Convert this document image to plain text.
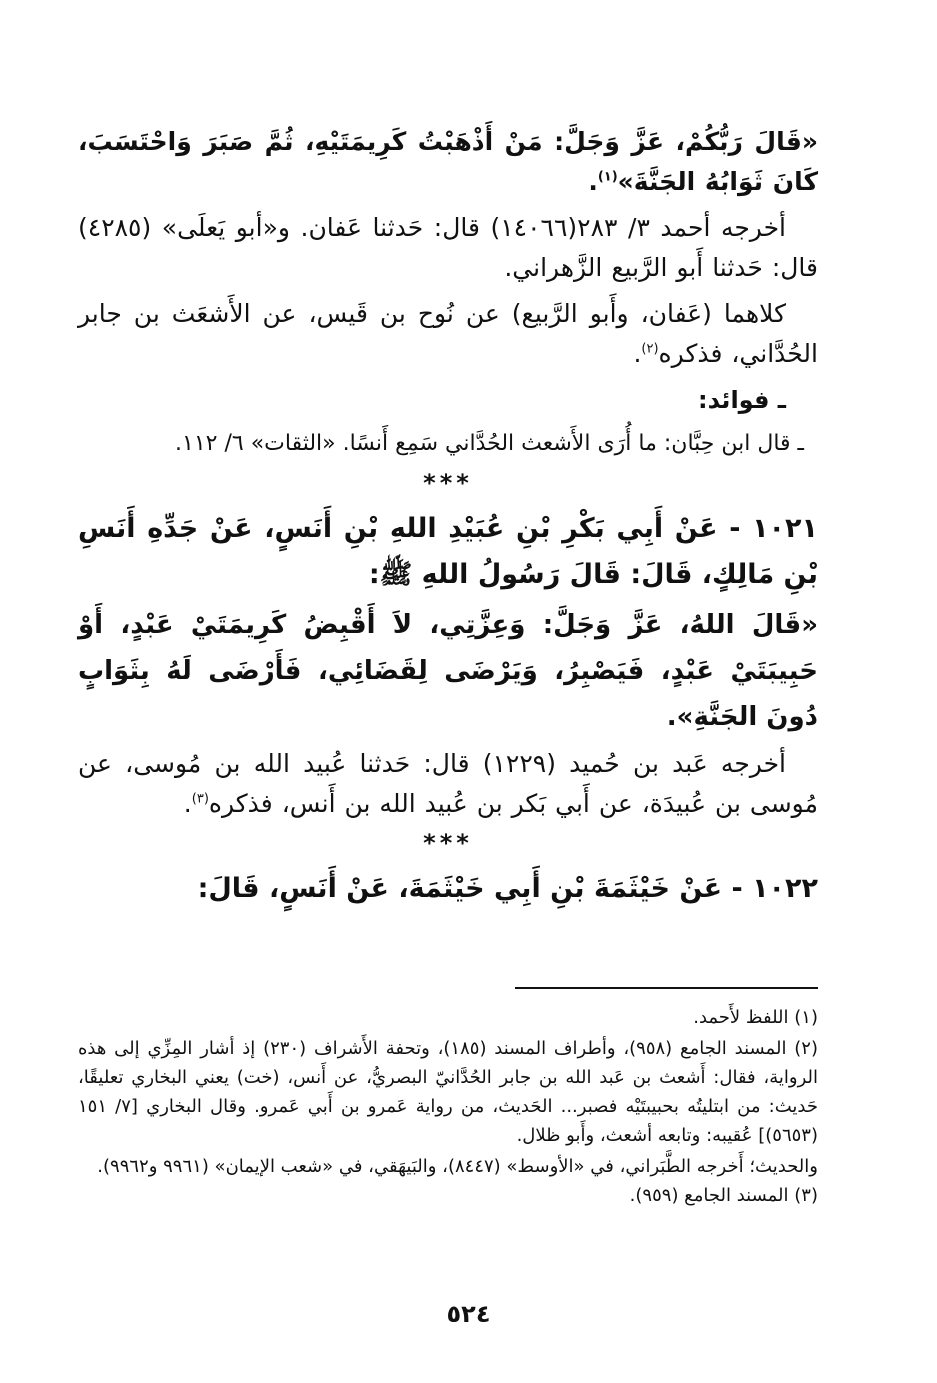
«قَالَ رَبُّكُمْ، عَزَّ وَجَلَّ: مَنْ أَذْهَبْتُ كَرِيمَتَيْهِ، ثُمَّ صَبَرَ وَاحْتَسَبَ، كَانَ ثَوَابُهُ الجَنَّةَ»$^{(١)}$.

أخرجه أحمد ٣/ ٢٨٣(١٤٠٦٦) قال: حَدثنا عَفان. و«أبو يَعلَى» (٤٢٨٥) قال: حَدثنا أَبو الرَّبيع الزَّهراني.

كلاهما (عَفان، وأَبو الرَّبيع) عن نُوح بن قَيس، عن الأَشعَث بن جابر الحُدَّاني، فذكره$^{(٢)}$.

ـ فوائد:

ـ قال ابن حِبَّان: ما أُرَى الأَشعث الحُدَّاني سَمِع أَنسًا. «الثقات» ٦/ ١١٢.

***

١٠٢١ - عَنْ أَبِي بَكْرِ بْنِ عُبَيْدِ اللهِ بْنِ أَنَسٍ، عَنْ جَدِّهِ أَنَسِ بْنِ مَالِكٍ، قَالَ: قَالَ رَسُولُ اللهِ ﷺ:

«قَالَ اللهُ، عَزَّ وَجَلَّ: وَعِزَّتِي، لاَ أَقْبِضُ كَرِيمَتَيْ عَبْدٍ، أَوْ حَبِيبَتَيْ عَبْدٍ، فَيَصْبِرُ، وَيَرْضَى لِقَضَائِي، فَأَرْضَى لَهُ بِثَوَابٍ دُونَ الجَنَّةِ».

أخرجه عَبد بن حُميد (١٢٢٩) قال: حَدثنا عُبيد الله بن مُوسى، عن مُوسى بن عُبيدَة، عن أَبي بَكر بن عُبيد الله بن أَنس، فذكره$^{(٣)}$.

***

١٠٢٢ - عَنْ خَيْثَمَةَ بْنِ أَبِي خَيْثَمَةَ، عَنْ أَنَسٍ، قَالَ:

(١) اللفظ لأَحمد.

(٢) المسند الجامع (٩٥٨)، وأطراف المسند (١٨٥)، وتحفة الأَشراف (٢٣٠) إذ أشار المِزِّي إلى هذه الرواية، فقال: أَشعث بن عَبد الله بن جابر الحُدَّانيّ البصريُّ، عن أَنس، (خت) يعني البخاري تعليقًا، حَديث: من ابتليتُه بحبيبتَيْه فصبر... الحَديث، من رواية عَمرو بن أَبي عَمرو. وقال البخاري [٧/ ١٥١ (٥٦٥٣)] عُقيبه: وتابعه أشعث، وأَبو ظلال.

والحديث؛ أَخرجه الطَّبَراني، في «الأوسط» (٨٤٤٧)، والبَيهَقي، في «شعب الإيمان» (٩٩٦١ و٩٩٦٢).

(٣) المسند الجامع (٩٥٩).

٥٢٤
